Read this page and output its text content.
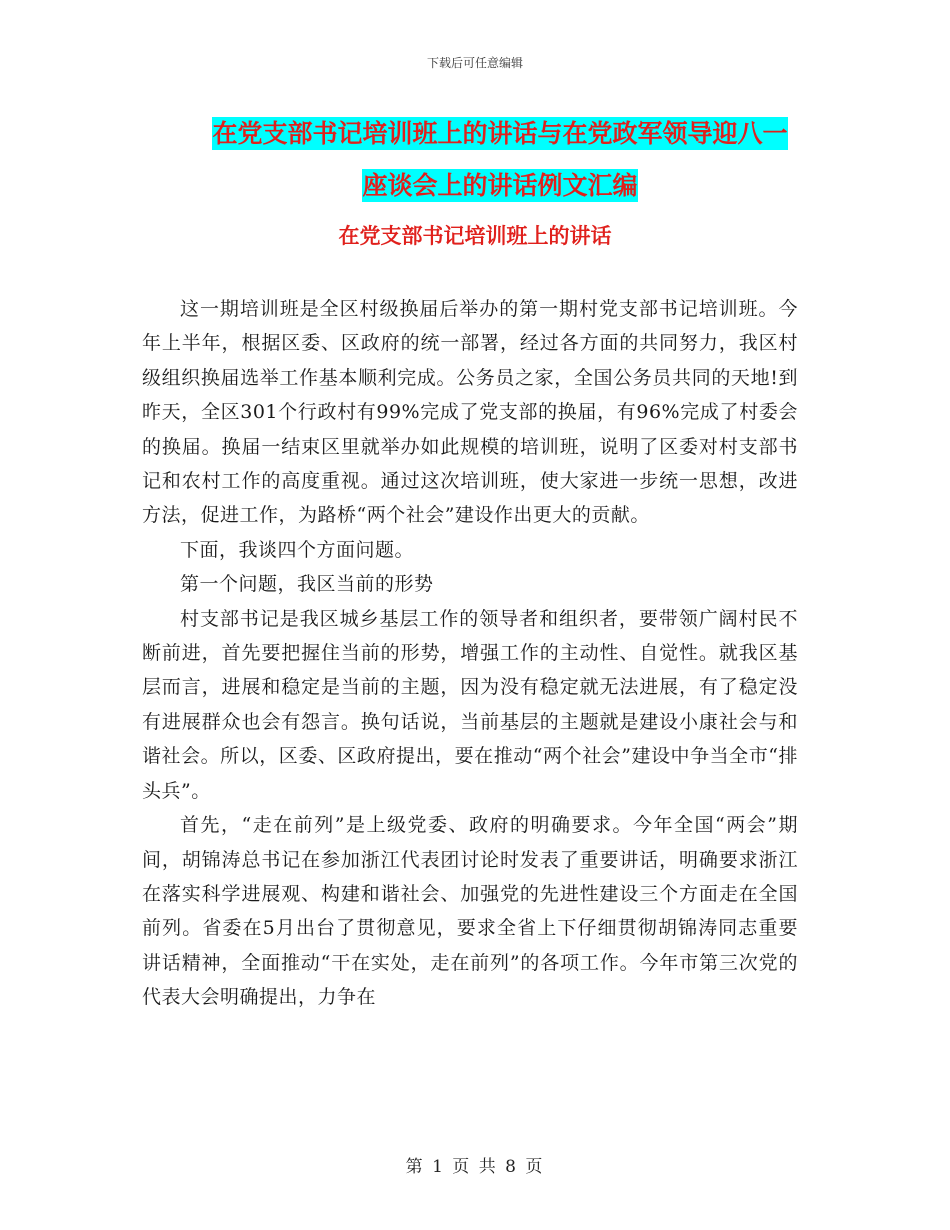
下载后可任意编辑
在党支部书记培训班上的讲话与在党政军领导迎八一
座谈会上的讲话例文汇编
在党支部书记培训班上的讲话

这一期培训班是全区村级换届后举办的第一期村党支部书记培训班。今年上半年，根据区委、区政府的统一部署，经过各方面的共同努力，我区村级组织换届选举工作基本顺利完成。公务员之家，全国公务员共同的天地!到昨天，全区301个行政村有99%完成了党支部的换届，有96%完成了村委会的换届。换届一结束区里就举办如此规模的培训班，说明了区委对村支部书记和农村工作的高度重视。通过这次培训班，使大家进一步统一思想，改进方法，促进工作，为路桥“两个社会”建设作出更大的贡献。

下面，我谈四个方面问题。

第一个问题，我区当前的形势

村支部书记是我区城乡基层工作的领导者和组织者，要带领广阔村民不断前进，首先要把握住当前的形势，增强工作的主动性、自觉性。就我区基层而言，进展和稳定是当前的主题，因为没有稳定就无法进展，有了稳定没有进展群众也会有怨言。换句话说，当前基层的主题就是建设小康社会与和谐社会。所以，区委、区政府提出，要在推动“两个社会”建设中争当全市“排头兵”。

首先，“走在前列”是上级党委、政府的明确要求。今年全国“两会”期间，胡锦涛总书记在参加浙江代表团讨论时发表了重要讲话，明确要求浙江在落实科学进展观、构建和谐社会、加强党的先进性建设三个方面走在全国前列。省委在5月出台了贯彻意见，要求全省上下仔细贯彻胡锦涛同志重要讲话精神，全面推动“干在实处，走在前列”的各项工作。今年市第三次党的代表大会明确提出，力争在

第 1 页 共 8 页
